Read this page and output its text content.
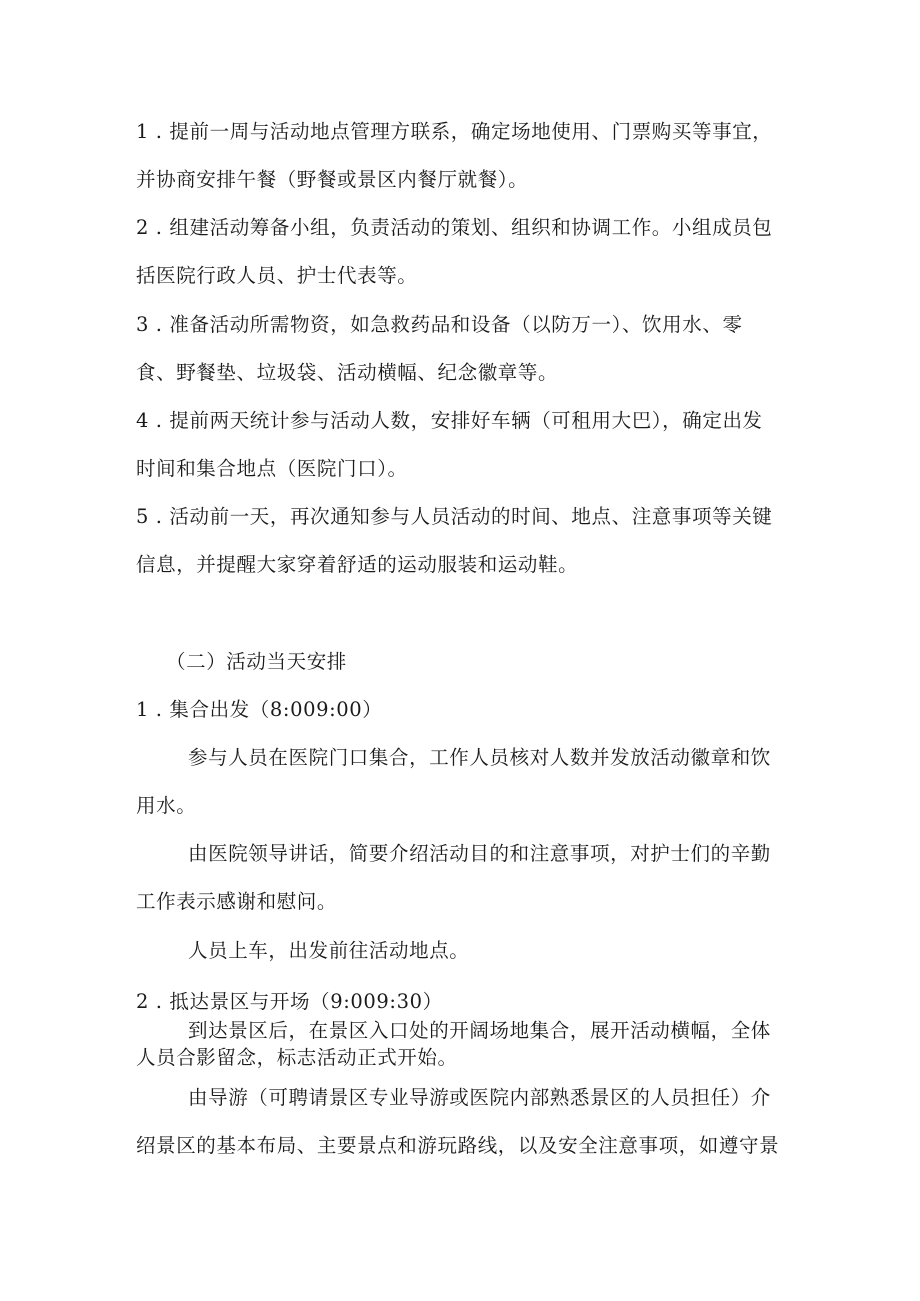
1 . 提前一周与活动地点管理方联系，确定场地使用、门票购买等事宜，
并协商安排午餐（野餐或景区内餐厅就餐）。
2 . 组建活动筹备小组，负责活动的策划、组织和协调工作。小组成员包
括医院行政人员、护士代表等。
3 . 准备活动所需物资，如急救药品和设备（以防万一）、饮用水、零
食、野餐垫、垃圾袋、活动横幅、纪念徽章等。
4 . 提前两天统计参与活动人数，安排好车辆（可租用大巴），确定出发
时间和集合地点（医院门口）。
5 . 活动前一天，再次通知参与人员活动的时间、地点、注意事项等关键
信息，并提醒大家穿着舒适的运动服装和运动鞋。
（二）活动当天安排
1 . 集合出发（8:009:00）
参与人员在医院门口集合，工作人员核对人数并发放活动徽章和饮
用水。
由医院领导讲话，简要介绍活动目的和注意事项，对护士们的辛勤
工作表示感谢和慰问。
人员上车，出发前往活动地点。
2 . 抵达景区与开场（9:009:30）
到达景区后，在景区入口处的开阔场地集合，展开活动横幅，全体
人员合影留念，标志活动正式开始。
由导游（可聘请景区专业导游或医院内部熟悉景区的人员担任）介
绍景区的基本布局、主要景点和游玩路线，以及安全注意事项，如遵守景
